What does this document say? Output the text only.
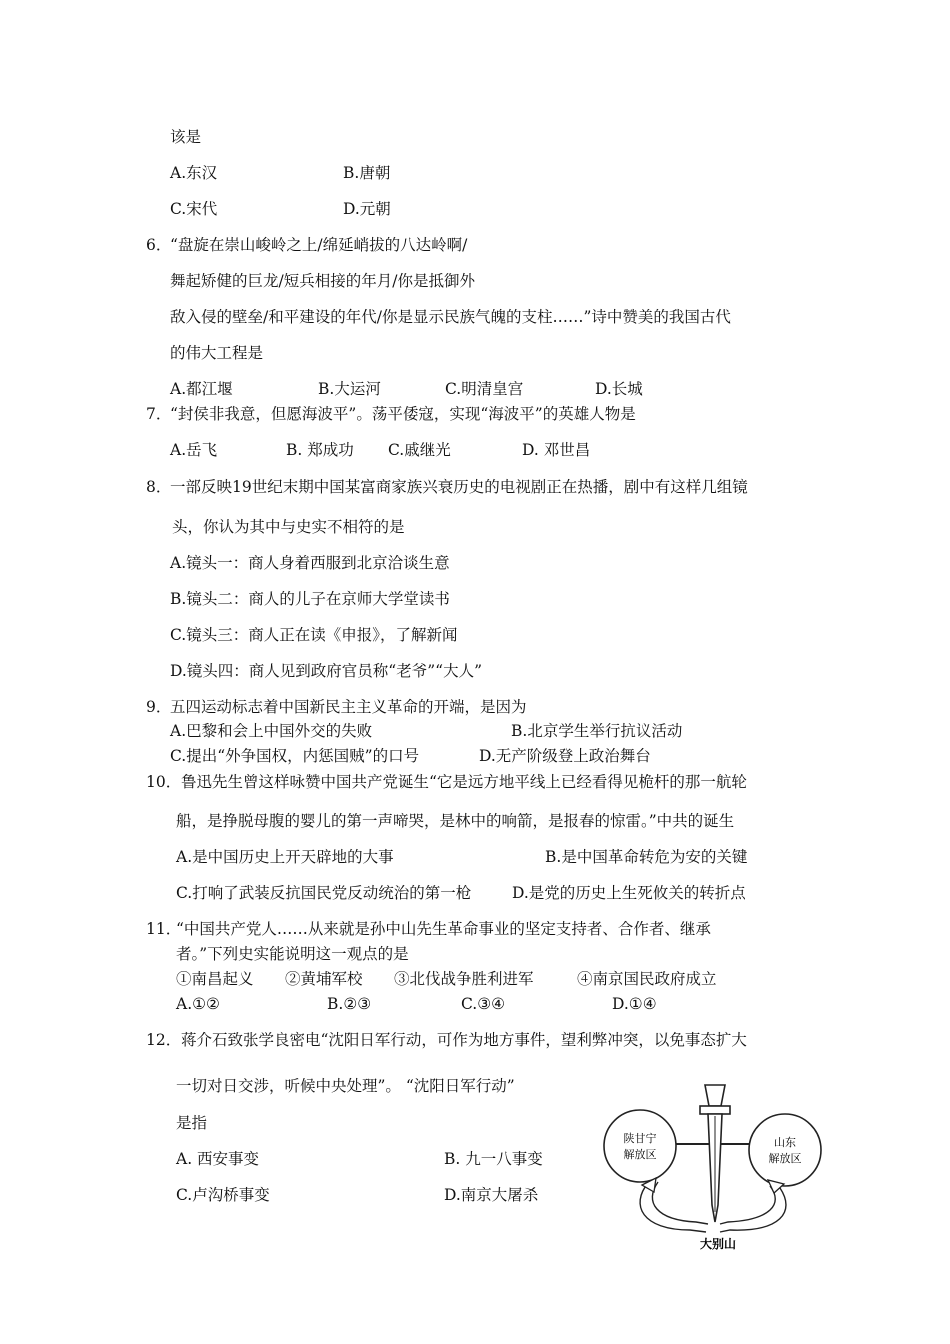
该是
A.东汉	B.唐朝
C.宋代	D.元朝
6．
“盘旋在崇山峻岭之上/绵延峭拔的八达岭啊/
舞起矫健的巨龙/短兵相接的年月/你是抵御外
敌入侵的壁垒/和平建设的年代/你是显示民族气魄的支柱……”诗中赞美的我国古代
的伟大工程是
A.都江堰	B.大运河	C.明清皇宫	D.长城
7．
“封侯非我意，但愿海波平”。荡平倭寇，实现“海波平”的英雄人物是
A.岳飞	B. 郑成功 C.戚继光	D. 邓世昌
8．
一部反映19世纪末期中国某富商家族兴衰历史的电视剧正在热播，剧中有这样几组镜
头，你认为其中与史实不相符的是
A.镜头一：商人身着西服到北京洽谈生意
B.镜头二：商人的儿子在京师大学堂读书
C.镜头三：商人正在读《申报》，了解新闻
D.镜头四：商人见到政府官员称“老爷”“大人”
9．
五四运动标志着中国新民主主义革命的开端，是因为
A.巴黎和会上中国外交的失败	B.北京学生举行抗议活动
C.提出“外争国权，内惩国贼”的口号	D.无产阶级登上政治舞台
10． 鲁迅先生曾这样咏赞中国共产党诞生“它是远方地平线上已经看得见桅杆的那一航轮
船，是挣脱母腹的婴儿的第一声啼哭，是林中的响箭，是报春的惊雷。”中共的诞生
A.是中国历史上开天辟地的大事	B.是中国革命转危为安的关键
C.打响了武装反抗国民党反动统治的第一枪	D.是党的历史上生死攸关的转折点
11．
“中国共产党人……从来就是孙中山先生革命事业的坚定支持者、合作者、继承
者。”下列史实能说明这一观点的是
①南昌起义 ②黄埔军校 ③北伐战争胜利进军	④南京国民政府成立
A.①②	B.②③	C.③④	D.①④
12． 蒋介石致张学良密电“沈阳日军行动，可作为地方事件，望利弊冲突，以免事态扩大
一切对日交涉，听候中央处理”。 “沈阳日军行动”
是指
A. 西安事变	B. 九一八事变
C.卢沟桥事变	D.南京大屠杀
陕甘宁
解放区
山东
解放区
大别山
